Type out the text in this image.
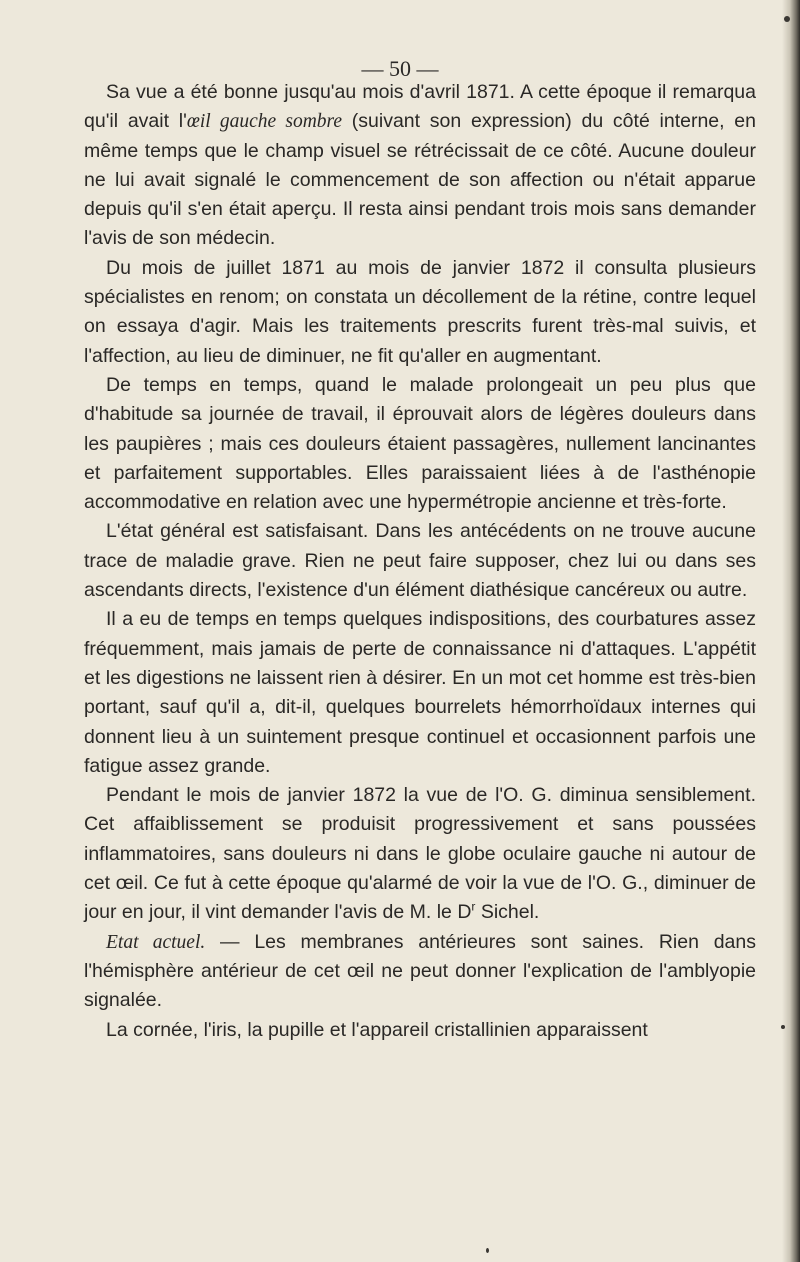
— 50 —

Sa vue a été bonne jusqu'au mois d'avril 1871. A cette époque il remarqua qu'il avait l'œil gauche sombre (suivant son expression) du côté interne, en même temps que le champ visuel se rétrécissait de ce côté. Aucune douleur ne lui avait signalé le commencement de son affection ou n'était apparue depuis qu'il s'en était aperçu. Il resta ainsi pendant trois mois sans demander l'avis de son médecin.

Du mois de juillet 1871 au mois de janvier 1872 il consulta plusieurs spécialistes en renom; on constata un décollement de la rétine, contre lequel on essaya d'agir. Mais les traitements prescrits furent très-mal suivis, et l'affection, au lieu de diminuer, ne fit qu'aller en augmentant.

De temps en temps, quand le malade prolongeait un peu plus que d'habitude sa journée de travail, il éprouvait alors de légères douleurs dans les paupières ; mais ces douleurs étaient passagères, nullement lancinantes et parfaitement supportables. Elles paraissaient liées à de l'asthénopie accommodative en relation avec une hypermétropie ancienne et très-forte.

L'état général est satisfaisant. Dans les antécédents on ne trouve aucune trace de maladie grave. Rien ne peut faire supposer, chez lui ou dans ses ascendants directs, l'existence d'un élément diathésique cancéreux ou autre.

Il a eu de temps en temps quelques indispositions, des courbatures assez fréquemment, mais jamais de perte de connaissance ni d'attaques. L'appétit et les digestions ne laissent rien à désirer. En un mot cet homme est très-bien portant, sauf qu'il a, dit-il, quelques bourrelets hémorrhoïdaux internes qui donnent lieu à un suintement presque continuel et occasionnent parfois une fatigue assez grande.

Pendant le mois de janvier 1872 la vue de l'O. G. diminua sensiblement. Cet affaiblissement se produisit progressivement et sans poussées inflammatoires, sans douleurs ni dans le globe oculaire gauche ni autour de cet œil. Ce fut à cette époque qu'alarmé de voir la vue de l'O. G., diminuer de jour en jour, il vint demander l'avis de M. le $D^r$ Sichel.

Etat actuel. — Les membranes antérieures sont saines. Rien dans l'hémisphère antérieur de cet œil ne peut donner l'explication de l'amblyopie signalée.

La cornée, l'iris, la pupille et l'appareil cristallinien apparaissent
